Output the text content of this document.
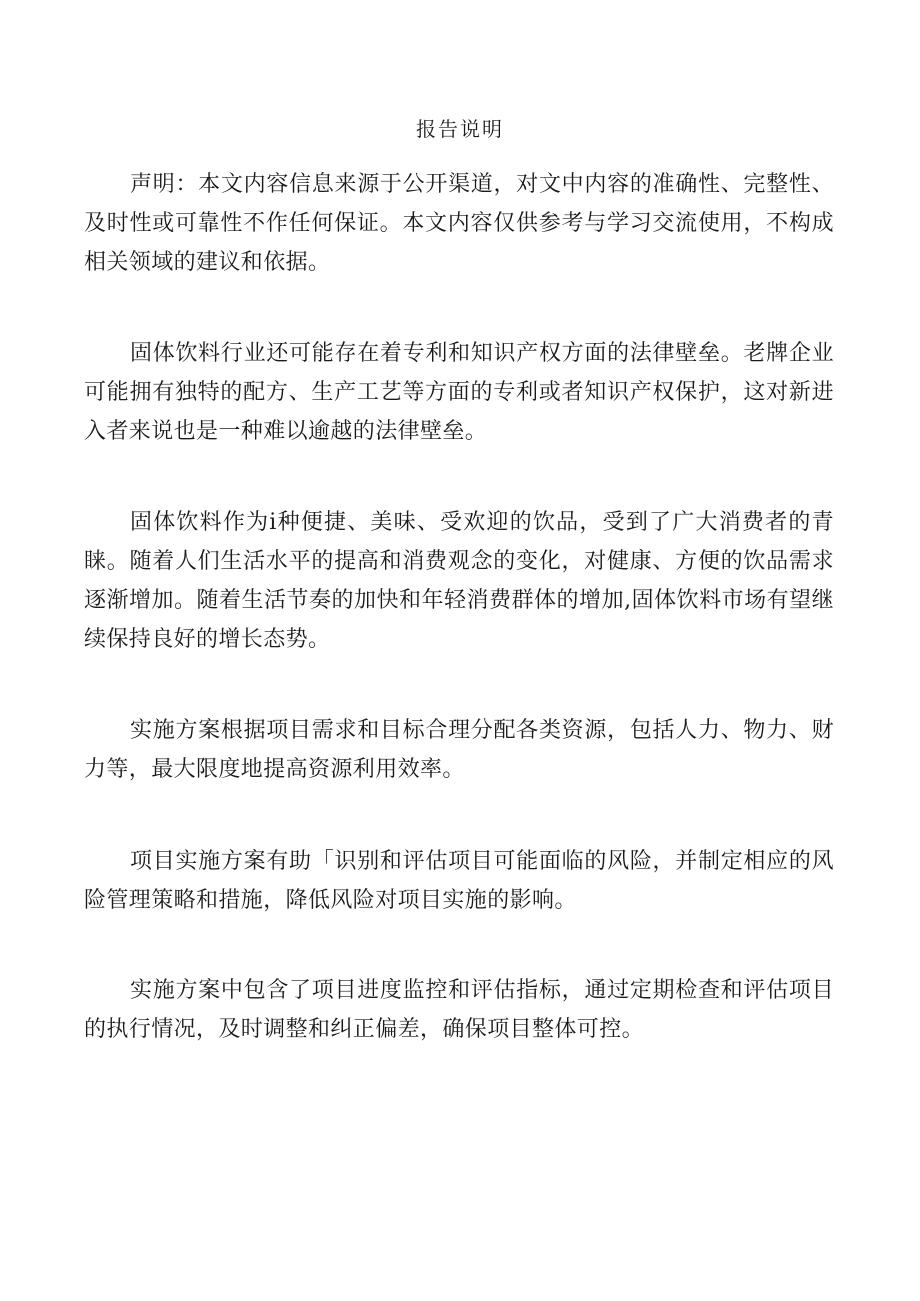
报告说明

声明：本文内容信息来源于公开渠道，对文中内容的准确性、完整性、及时性或可靠性不作任何保证。本文内容仅供参考与学习交流使用，不构成相关领域的建议和依据。

固体饮料行业还可能存在着专利和知识产权方面的法律壁垒。老牌企业可能拥有独特的配方、生产工艺等方面的专利或者知识产权保护，这对新进入者来说也是一种难以逾越的法律壁垒。

固体饮料作为i种便捷、美味、受欢迎的饮品，受到了广大消费者的青睐。随着人们生活水平的提高和消费观念的变化，对健康、方便的饮品需求逐渐增加。随着生活节奏的加快和年轻消费群体的增加,固体饮料市场有望继续保持良好的增长态势。

实施方案根据项目需求和目标合理分配各类资源，包括人力、物力、财力等，最大限度地提高资源利用效率。

项目实施方案有助「识别和评估项目可能面临的风险，并制定相应的风险管理策略和措施，降低风险对项目实施的影响。

实施方案中包含了项目进度监控和评估指标，通过定期检查和评估项目的执行情况，及时调整和纠正偏差，确保项目整体可控。
